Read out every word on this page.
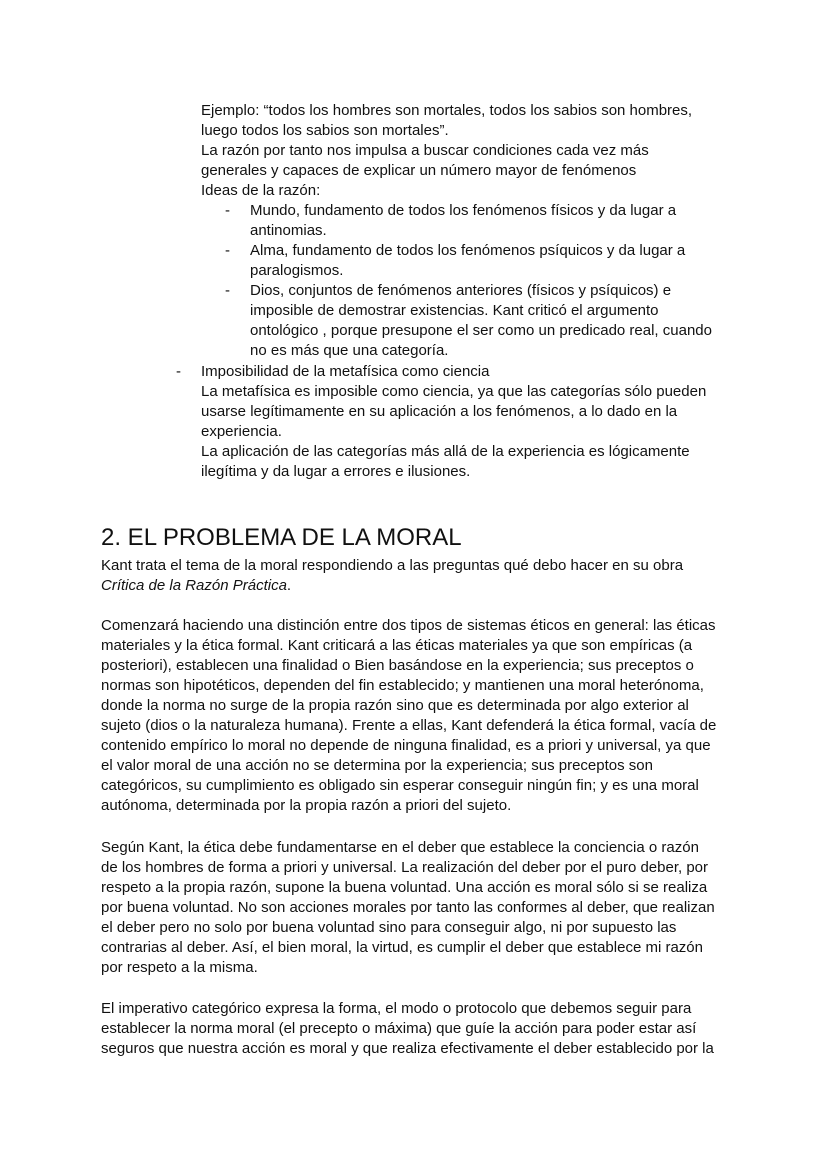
Ejemplo: “todos los hombres son mortales, todos los sabios son hombres,
luego todos los sabios son mortales”.
La razón por tanto nos impulsa a buscar condiciones cada vez más
generales y capaces de explicar un número mayor de fenómenos
Ideas de la razón:
- Mundo, fundamento de todos los fenómenos físicos y da lugar a
antinomias.
- Alma, fundamento de todos los fenómenos psíquicos y da lugar a
paralogismos.
- Dios, conjuntos de fenómenos anteriores (físicos y psíquicos) e
imposible de demostrar existencias. Kant criticó el argumento
ontológico , porque presupone el ser como un predicado real, cuando
no es más que una categoría.
- Imposibilidad de la metafísica como ciencia
La metafísica es imposible como ciencia, ya que las categorías sólo pueden
usarse legítimamente en su aplicación a los fenómenos, a lo dado en la
experiencia.
La aplicación de las categorías más allá de la experiencia es lógicamente
ilegítima y da lugar a errores e ilusiones.
2. EL PROBLEMA DE LA MORAL
Kant trata el tema de la moral respondiendo a las preguntas qué debo hacer en su obra
Crítica de la Razón Práctica.
Comenzará haciendo una distinción entre dos tipos de sistemas éticos en general: las éticas
materiales y la ética formal. Kant criticará a las éticas materiales ya que son empíricas (a
posteriori), establecen una finalidad o Bien basándose en la experiencia; sus preceptos o
normas son hipotéticos, dependen del fin establecido; y mantienen una moral heterónoma,
donde la norma no surge de la propia razón sino que es determinada por algo exterior al
sujeto (dios o la naturaleza humana). Frente a ellas, Kant defenderá la ética formal, vacía de
contenido empírico lo moral no depende de ninguna finalidad, es a priori y universal, ya que
el valor moral de una acción no se determina por la experiencia; sus preceptos son
categóricos, su cumplimiento es obligado sin esperar conseguir ningún fin; y es una moral
autónoma, determinada por la propia razón a priori del sujeto.
Según Kant, la ética debe fundamentarse en el deber que establece la conciencia o razón
de los hombres de forma a priori y universal. La realización del deber por el puro deber, por
respeto a la propia razón, supone la buena voluntad. Una acción es moral sólo si se realiza
por buena voluntad. No son acciones morales por tanto las conformes al deber, que realizan
el deber pero no solo por buena voluntad sino para conseguir algo, ni por supuesto las
contrarias al deber. Así, el bien moral, la virtud, es cumplir el deber que establece mi razón
por respeto a la misma.
El imperativo categórico expresa la forma, el modo o protocolo que debemos seguir para
establecer la norma moral (el precepto o máxima) que guíe la acción para poder estar así
seguros que nuestra acción es moral y que realiza efectivamente el deber establecido por la
